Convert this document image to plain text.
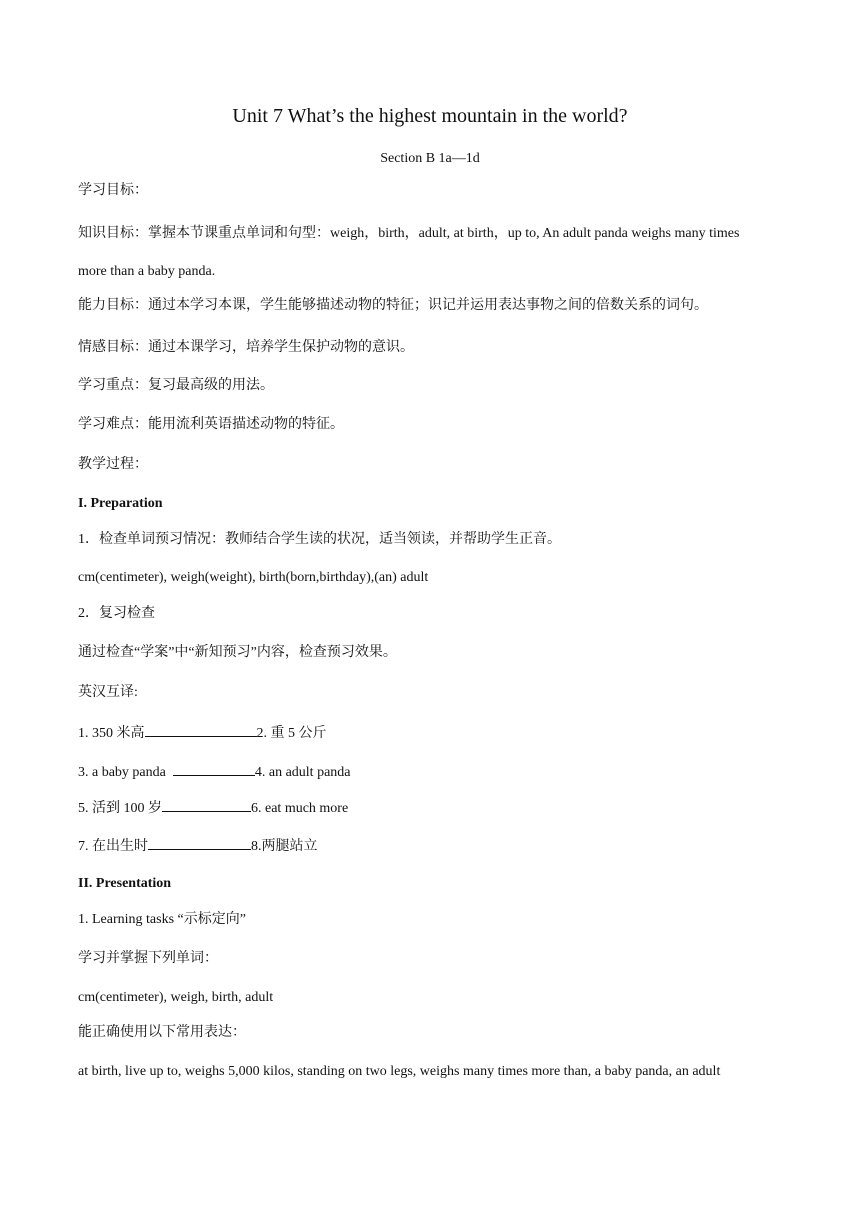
Unit 7 What’s the highest mountain in the world?
Section B 1a—1d
学习目标：
知识目标：掌握本节课重点单词和句型：weigh，birth，adult, at birth，up to, An adult panda weighs many times
more than a baby panda.
能力目标：通过本学习本课，学生能够描述动物的特征；识记并运用表达事物之间的倍数关系的词句。
情感目标：通过本课学习，培养学生保护动物的意识。
学习重点：复习最高级的用法。
学习难点：能用流利英语描述动物的特征。
教学过程：
I. Preparation
1．检查单词预习情况：教师结合学生读的状况，适当领读，并帮助学生正音。
cm(centimeter), weigh(weight), birth(born,birthday),(an) adult
2．复习检查
通过检查“学案”中“新知预习”内容，检查预习效果。
英汉互译:
1. 350 米高	2. 重 5 公斤
3. a baby panda	4. an adult panda
5. 活到 100 岁	6. eat much more
7. 在出生时	8.两腿站立
II. Presentation
1. Learning tasks “示标定向”
学习并掌握下列单词：
cm(centimeter), weigh, birth, adult
能正确使用以下常用表达：
at birth, live up to, weighs 5,000 kilos, standing on two legs, weighs many times more than, a baby panda, an adult
